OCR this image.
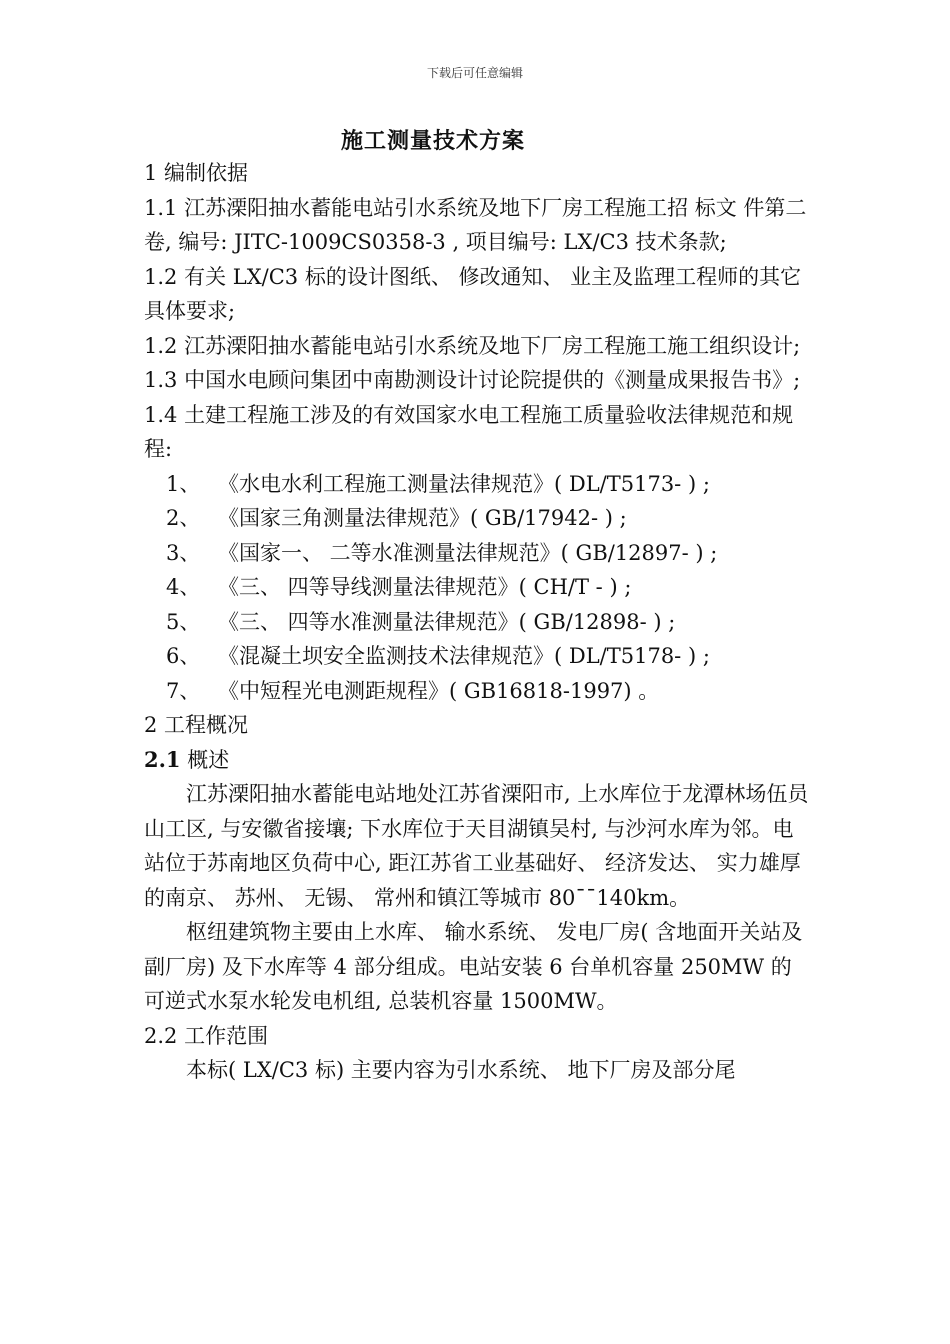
下载后可任意编辑
施工测量技术方案

1 编制依据

1.1 江苏溧阳抽水蓄能电站引水系统及地下厂房工程施工招 标文 件第二卷, 编号: JITC-1009CS0358-3 , 项目编号: LX/C3 技术条款;

1.2 有关 LX/C3 标的设计图纸、 修改通知、 业主及监理工程师的其它具体要求;

1.2 江苏溧阳抽水蓄能电站引水系统及地下厂房工程施工施工组织设计;

1.3 中国水电顾问集团中南勘测设计讨论院提供的《测量成果报告书》;

1.4 土建工程施工涉及的有效国家水电工程施工质量验收法律规范和规程:

1、 《水电水利工程施工测量法律规范》( DL/T5173- ) ;

2、 《国家三角测量法律规范》( GB/17942- ) ;

3、 《国家一、 二等水准测量法律规范》( GB/12897- ) ;

4、 《三、 四等导线测量法律规范》( CH/T - ) ;

5、 《三、 四等水准测量法律规范》( GB/12898- ) ;

6、 《混凝土坝安全监测技术法律规范》( DL/T5178- ) ;

7、 《中短程光电测距规程》( GB16818-1997) 。

2 工程概况

2.1 概述

江苏溧阳抽水蓄能电站地处江苏省溧阳市, 上水库位于龙潭林场伍员山工区, 与安徽省接壤; 下水库位于天目湖镇吴村, 与沙河水库为邻。电站位于苏南地区负荷中心, 距江苏省工业基础好、 经济发达、 实力雄厚的南京、 苏州、 无锡、 常州和镇江等城市 80¯¯140km。

枢纽建筑物主要由上水库、 输水系统、 发电厂房( 含地面开关站及副厂房) 及下水库等 4 部分组成。电站安装 6 台单机容量 250MW 的可逆式水泵水轮发电机组, 总装机容量 1500MW。

2.2 工作范围

本标( LX/C3 标) 主要内容为引水系统、 地下厂房及部分尾
